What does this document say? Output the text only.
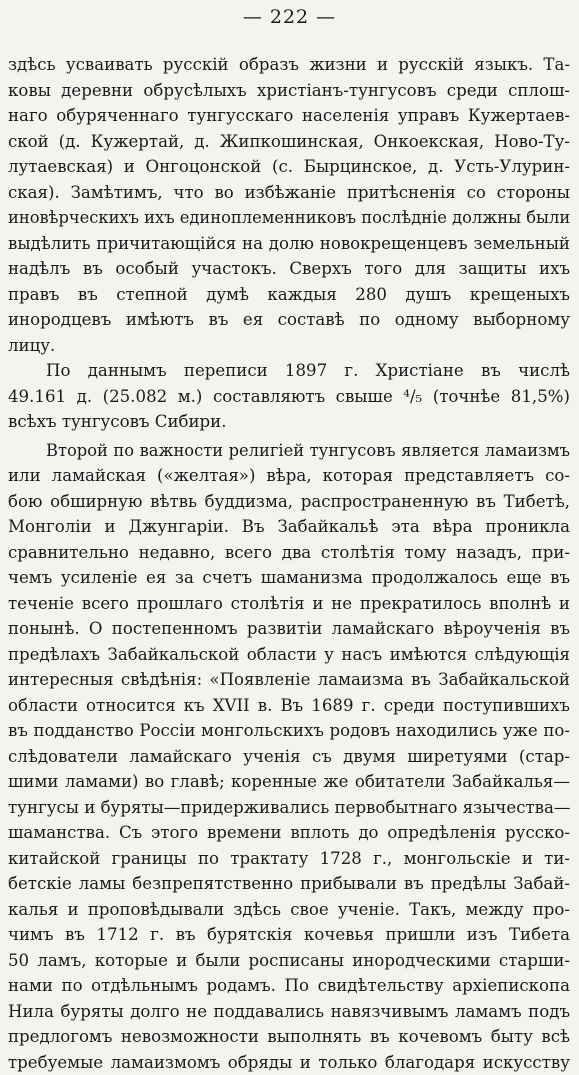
— 222 —
здѣсь усваивать русскій образъ жизни и русскій языкъ. Та-
ковы деревни обрусѣлыхъ христіанъ-тунгусовъ среди сплош-
наго обуряченнаго тунгусскаго населенія управъ Кужертаев-
ской (д. Кужертай, д. Жипкошинская, Онкоекская, Ново-Ту-
лутаевская) и Онгоцонской (с. Бырцинское, д. Усть-Улурин-
ская). Замѣтимъ, что во избѣжаніе притѣсненія со стороны
иновѣрческихъ ихъ единоплеменниковъ послѣдніе должны были
выдѣлить причитающійся на долю новокрещенцевъ земельный
надѣлъ въ особый участокъ. Сверхъ того для защиты ихъ
правъ въ степной думѣ каждыя 280 душъ крещеныхъ
инородцевъ имѣютъ въ ея составѣ по одному выборному
лицу.
По даннымъ переписи 1897 г. Христіане въ числѣ
49.161 д. (25.082 м.) составляютъ свыше ⁴/₅ (точнѣе 81,5%)
всѣхъ тунгусовъ Сибири.
Второй по важности религіей тунгусовъ является ламаизмъ
или ламайская («желтая») вѣра, которая представляетъ со-
бою обширную вѣтвь буддизма, распространенную въ Тибетѣ,
Монголіи и Джунгаріи. Въ Забайкальѣ эта вѣра проникла
сравнительно недавно, всего два столѣтія тому назадъ, при-
чемъ усиленіе ея за счетъ шаманизма продолжалось еще въ
теченіе всего прошлаго столѣтія и не прекратилось вполнѣ и
понынѣ. О постепенномъ развитіи ламайскаго вѣроученія въ
предѣлахъ Забайкальской области у насъ имѣются слѣдующія
интересныя свѣдѣнія: «Появленіе ламаизма въ Забайкальской
области относится къ XVII в. Въ 1689 г. среди поступившихъ
въ подданство Россіи монгольскихъ родовъ находились уже по-
слѣдователи ламайскаго ученія съ двумя ширетуями (стар-
шими ламами) во главѣ; коренные же обитатели Забайкалья—
тунгусы и буряты—придерживались первобытнаго язычества—
шаманства. Съ этого времени вплоть до опредѣленія русско-
китайской границы по трактату 1728 г., монгольскіе и ти-
бетскіе ламы безпрепятственно прибывали въ предѣлы Забай-
калья и проповѣдывали здѣсь свое ученіе. Такъ, между про-
чимъ въ 1712 г. въ бурятскія кочевья пришли изъ Тибета
50 ламъ, которые и были росписаны инородческими старши-
нами по отдѣльнымъ родамъ. По свидѣтельству архіепископа
Нила буряты долго не поддавались навязчивымъ ламамъ подъ
предлогомъ невозможности выполнять въ кочевомъ быту всѣ
требуемые ламаизмомъ обряды и только благодаря искусству
